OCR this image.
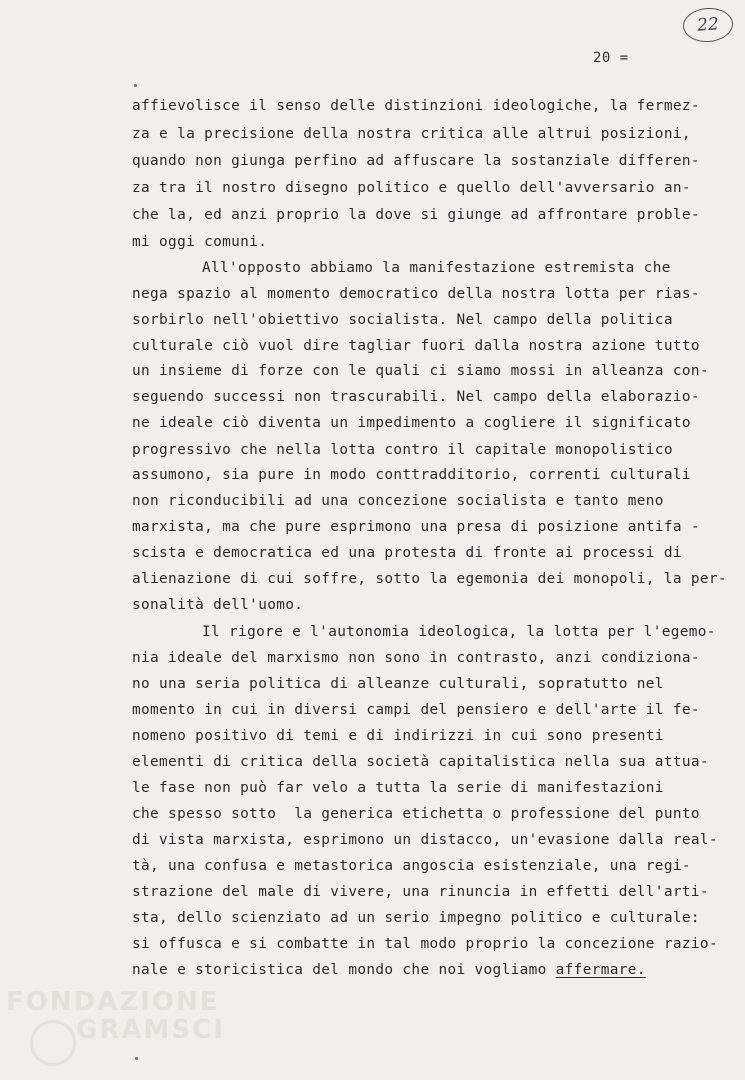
22
20 =
affievolisce il senso delle distinzioni ideologiche, la fermez-
za e la precisione della nostra critica alle altrui posizioni,
quando non giunga perfino ad affuscare la sostanziale differen-
za tra il nostro disegno politico e quello dell'avversario an-
che la, ed anzi proprio la dove si giunge ad affrontare proble-
mi oggi comuni.
All'opposto abbiamo la manifestazione estremista che
nega spazio al momento democratico della nostra lotta per rias-
sorbirlo nell'obiettivo socialista. Nel campo della politica
culturale ciò vuol dire tagliar fuori dalla nostra azione tutto
un insieme di forze con le quali ci siamo mossi in alleanza con-
seguendo successi non trascurabili. Nel campo della elaborazio-
ne ideale ciò diventa un impedimento a cogliere il significato
progressivo che nella lotta contro il capitale monopolistico
assumono, sia pure in modo conttradditorio, correnti culturali
non riconducibili ad una concezione socialista e tanto meno
marxista, ma che pure esprimono una presa di posizione antifa -
scista e democratica ed una protesta di fronte ai processi di
alienazione di cui soffre, sotto la egemonia dei monopoli, la per-
sonalità dell'uomo.
Il rigore e l'autonomia ideologica, la lotta per l'egemo-
nia ideale del marxismo non sono in contrasto, anzi condiziona-
no una seria politica di alleanze culturali, sopratutto nel
momento in cui in diversi campi del pensiero e dell'arte il fe-
nomeno positivo di temi e di indirizzi in cui sono presenti
elementi di critica della società capitalistica nella sua attua-
le fase non può far velo a tutta la serie di manifestazioni
che spesso sotto  la generica etichetta o professione del punto
di vista marxista, esprimono un distacco, un'evasione dalla real-
tà, una confusa e metastorica angoscia esistenziale, una regi-
strazione del male di vivere, una rinuncia in effetti dell'arti-
sta, dello scienziato ad un serio impegno politico e culturale:
si offusca e si combatte in tal modo proprio la concezione razio-
nale e storicistica del mondo che noi vogliamo affermare.
FONDAZIONE
GRAMSCI
